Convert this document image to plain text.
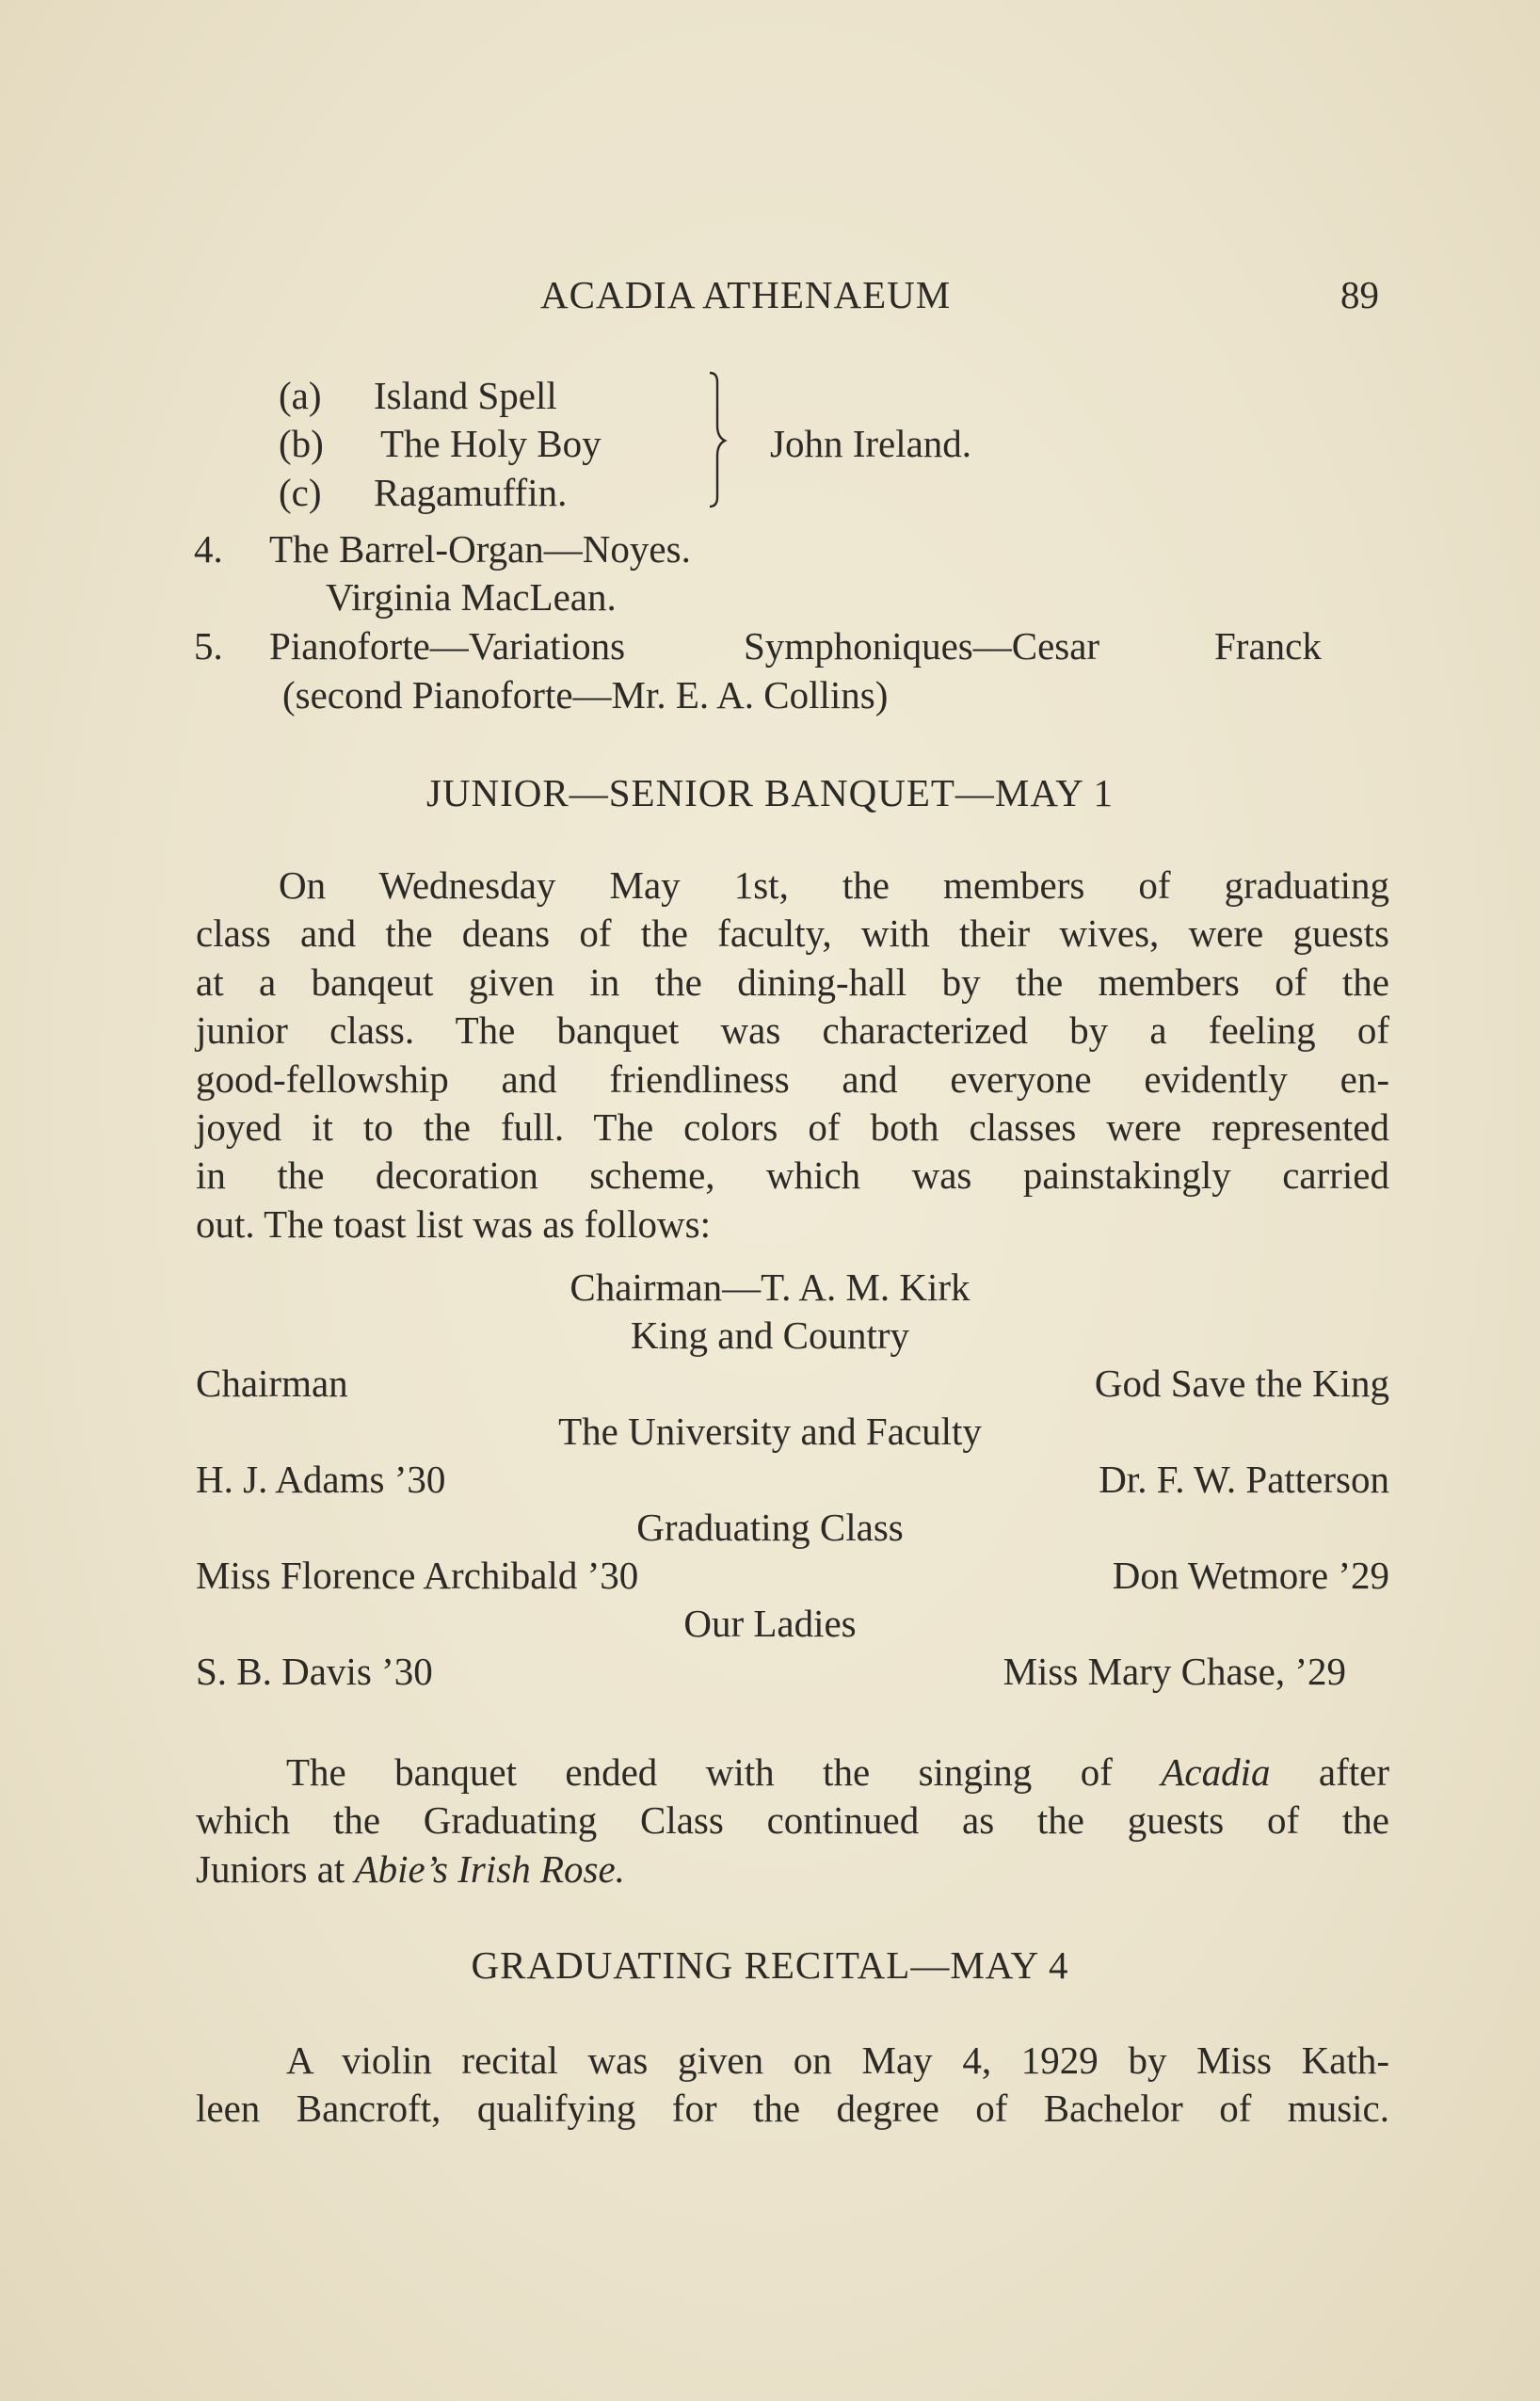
ACADIA ATHENAEUM	89
(a) Island Spell
(b) The Holy Boy
(c) Ragamuffin.
John Ireland.
4. The Barrel-Organ—Noyes.
Virginia MacLean.
5. Pianoforte—Variations	Symphoniques—Cesar	Franck
(second Pianoforte—Mr. E. A. Collins)
JUNIOR—SENIOR BANQUET—MAY 1
On Wednesday May 1st, the members of graduating
class and the deans of the faculty, with their wives, were guests
at a banqeut given in the dining-hall by the members of the
junior class. The banquet was characterized by a feeling of
good-fellowship and friendliness and everyone evidently en-
joyed it to the full. The colors of both classes were represented
in the decoration scheme, which was painstakingly carried
out. The toast list was as follows:
Chairman—T. A. M. Kirk
King and Country
Chairman	God Save the King
The University and Faculty
H. J. Adams ’30	Dr. F. W. Patterson
Graduating Class
Miss Florence Archibald ’30	Don Wetmore ’29
Our Ladies
S. B. Davis ’30	Miss Mary Chase, ’29
The banquet ended with the singing of Acadia after
which the Graduating Class continued as the guests of the
Juniors at Abie’s Irish Rose.
GRADUATING RECITAL—MAY 4
A violin recital was given on May 4, 1929 by Miss Kath-
leen Bancroft, qualifying for the degree of Bachelor of music.
